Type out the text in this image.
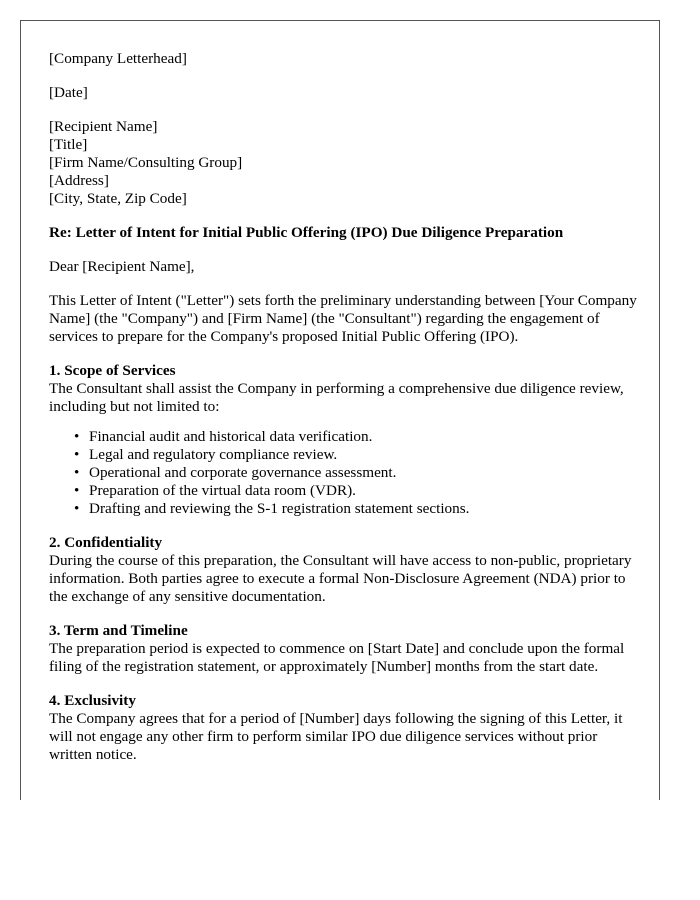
[Company Letterhead]
[Date]
[Recipient Name]
[Title]
[Firm Name/Consulting Group]
[Address]
[City, State, Zip Code]
Re: Letter of Intent for Initial Public Offering (IPO) Due Diligence Preparation
Dear [Recipient Name],
This Letter of Intent ("Letter") sets forth the preliminary understanding between [Your Company Name] (the "Company") and [Firm Name] (the "Consultant") regarding the engagement of services to prepare for the Company's proposed Initial Public Offering (IPO).
1. Scope of Services
The Consultant shall assist the Company in performing a comprehensive due diligence review, including but not limited to:
• Financial audit and historical data verification.
• Legal and regulatory compliance review.
• Operational and corporate governance assessment.
• Preparation of the virtual data room (VDR).
• Drafting and reviewing the S-1 registration statement sections.
2. Confidentiality
During the course of this preparation, the Consultant will have access to non-public, proprietary information. Both parties agree to execute a formal Non-Disclosure Agreement (NDA) prior to the exchange of any sensitive documentation.
3. Term and Timeline
The preparation period is expected to commence on [Start Date] and conclude upon the formal filing of the registration statement, or approximately [Number] months from the start date.
4. Exclusivity
The Company agrees that for a period of [Number] days following the signing of this Letter, it will not engage any other firm to perform similar IPO due diligence services without prior written notice.
